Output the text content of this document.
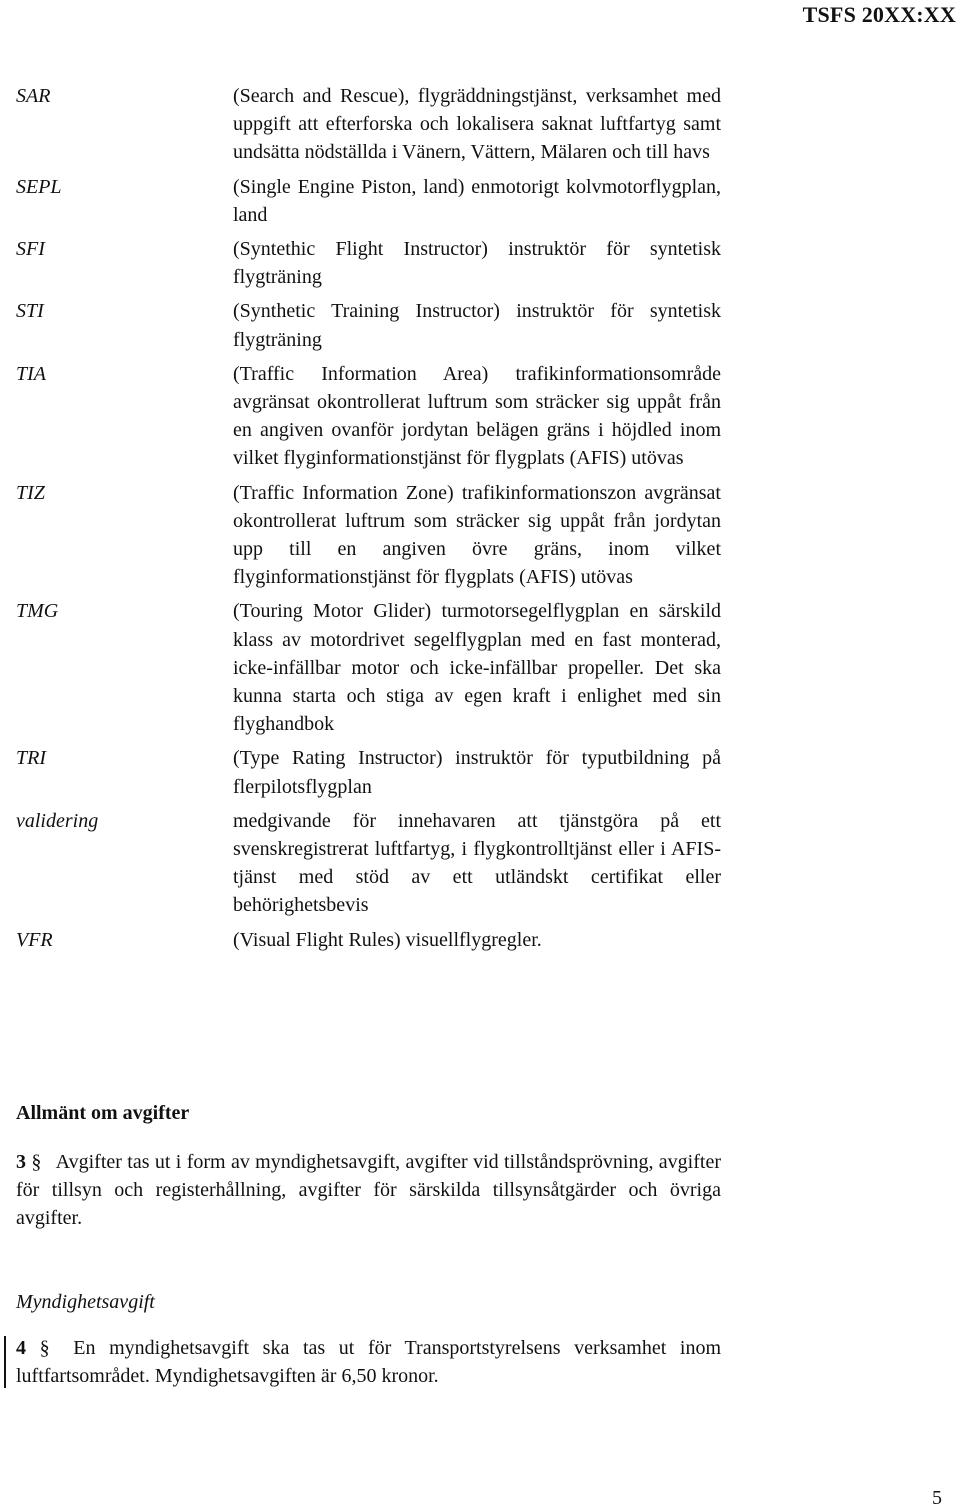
TSFS 20XX:XX
SAR	(Search and Rescue), flygräddningstjänst, verksamhet med uppgift att efterforska och lokalisera saknat luftfartyg samt undsätta nödställda i Vänern, Vättern, Mälaren och till havs
SEPL	(Single Engine Piston, land) enmotorigt kolvmotorflygplan, land
SFI	(Syntethic Flight Instructor) instruktör för syntetisk flygträning
STI	(Synthetic Training Instructor) instruktör för syntetisk flygträning
TIA	(Traffic Information Area) trafikinformationsområde avgränsat okontrollerat luftrum som sträcker sig uppåt från en angiven ovanför jordytan belägen gräns i höjdled inom vilket flyginformationstjänst för flygplats (AFIS) utövas
TIZ	(Traffic Information Zone) trafikinformationszon avgränsat okontrollerat luftrum som sträcker sig uppåt från jordytan upp till en angiven övre gräns, inom vilket flyginformationstjänst för flygplats (AFIS) utövas
TMG	(Touring Motor Glider) turmotorsegelflygplan en särskild klass av motordrivet segelflygplan med en fast monterad, icke-infällbar motor och icke-infällbar propeller. Det ska kunna starta och stiga av egen kraft i enlighet med sin flyghandbok
TRI	(Type Rating Instructor) instruktör för typutbildning på flerpilotsflygplan
validering	medgivande för innehavaren att tjänstgöra på ett svenskregistrerat luftfartyg, i flygkontrolltjänst eller i AFIS-tjänst med stöd av ett utländskt certifikat eller behörighetsbevis
VFR	(Visual Flight Rules) visuellflygregler.
Allmänt om avgifter
3 § Avgifter tas ut i form av myndighetsavgift, avgifter vid tillståndsprövning, avgifter för tillsyn och registerhållning, avgifter för särskilda tillsynsåtgärder och övriga avgifter.
Myndighetsavgift
4 § En myndighetsavgift ska tas ut för Transportstyrelsens verksamhet inom luftfartsområdet. Myndighetsavgiften är 6,50 kronor.
5
